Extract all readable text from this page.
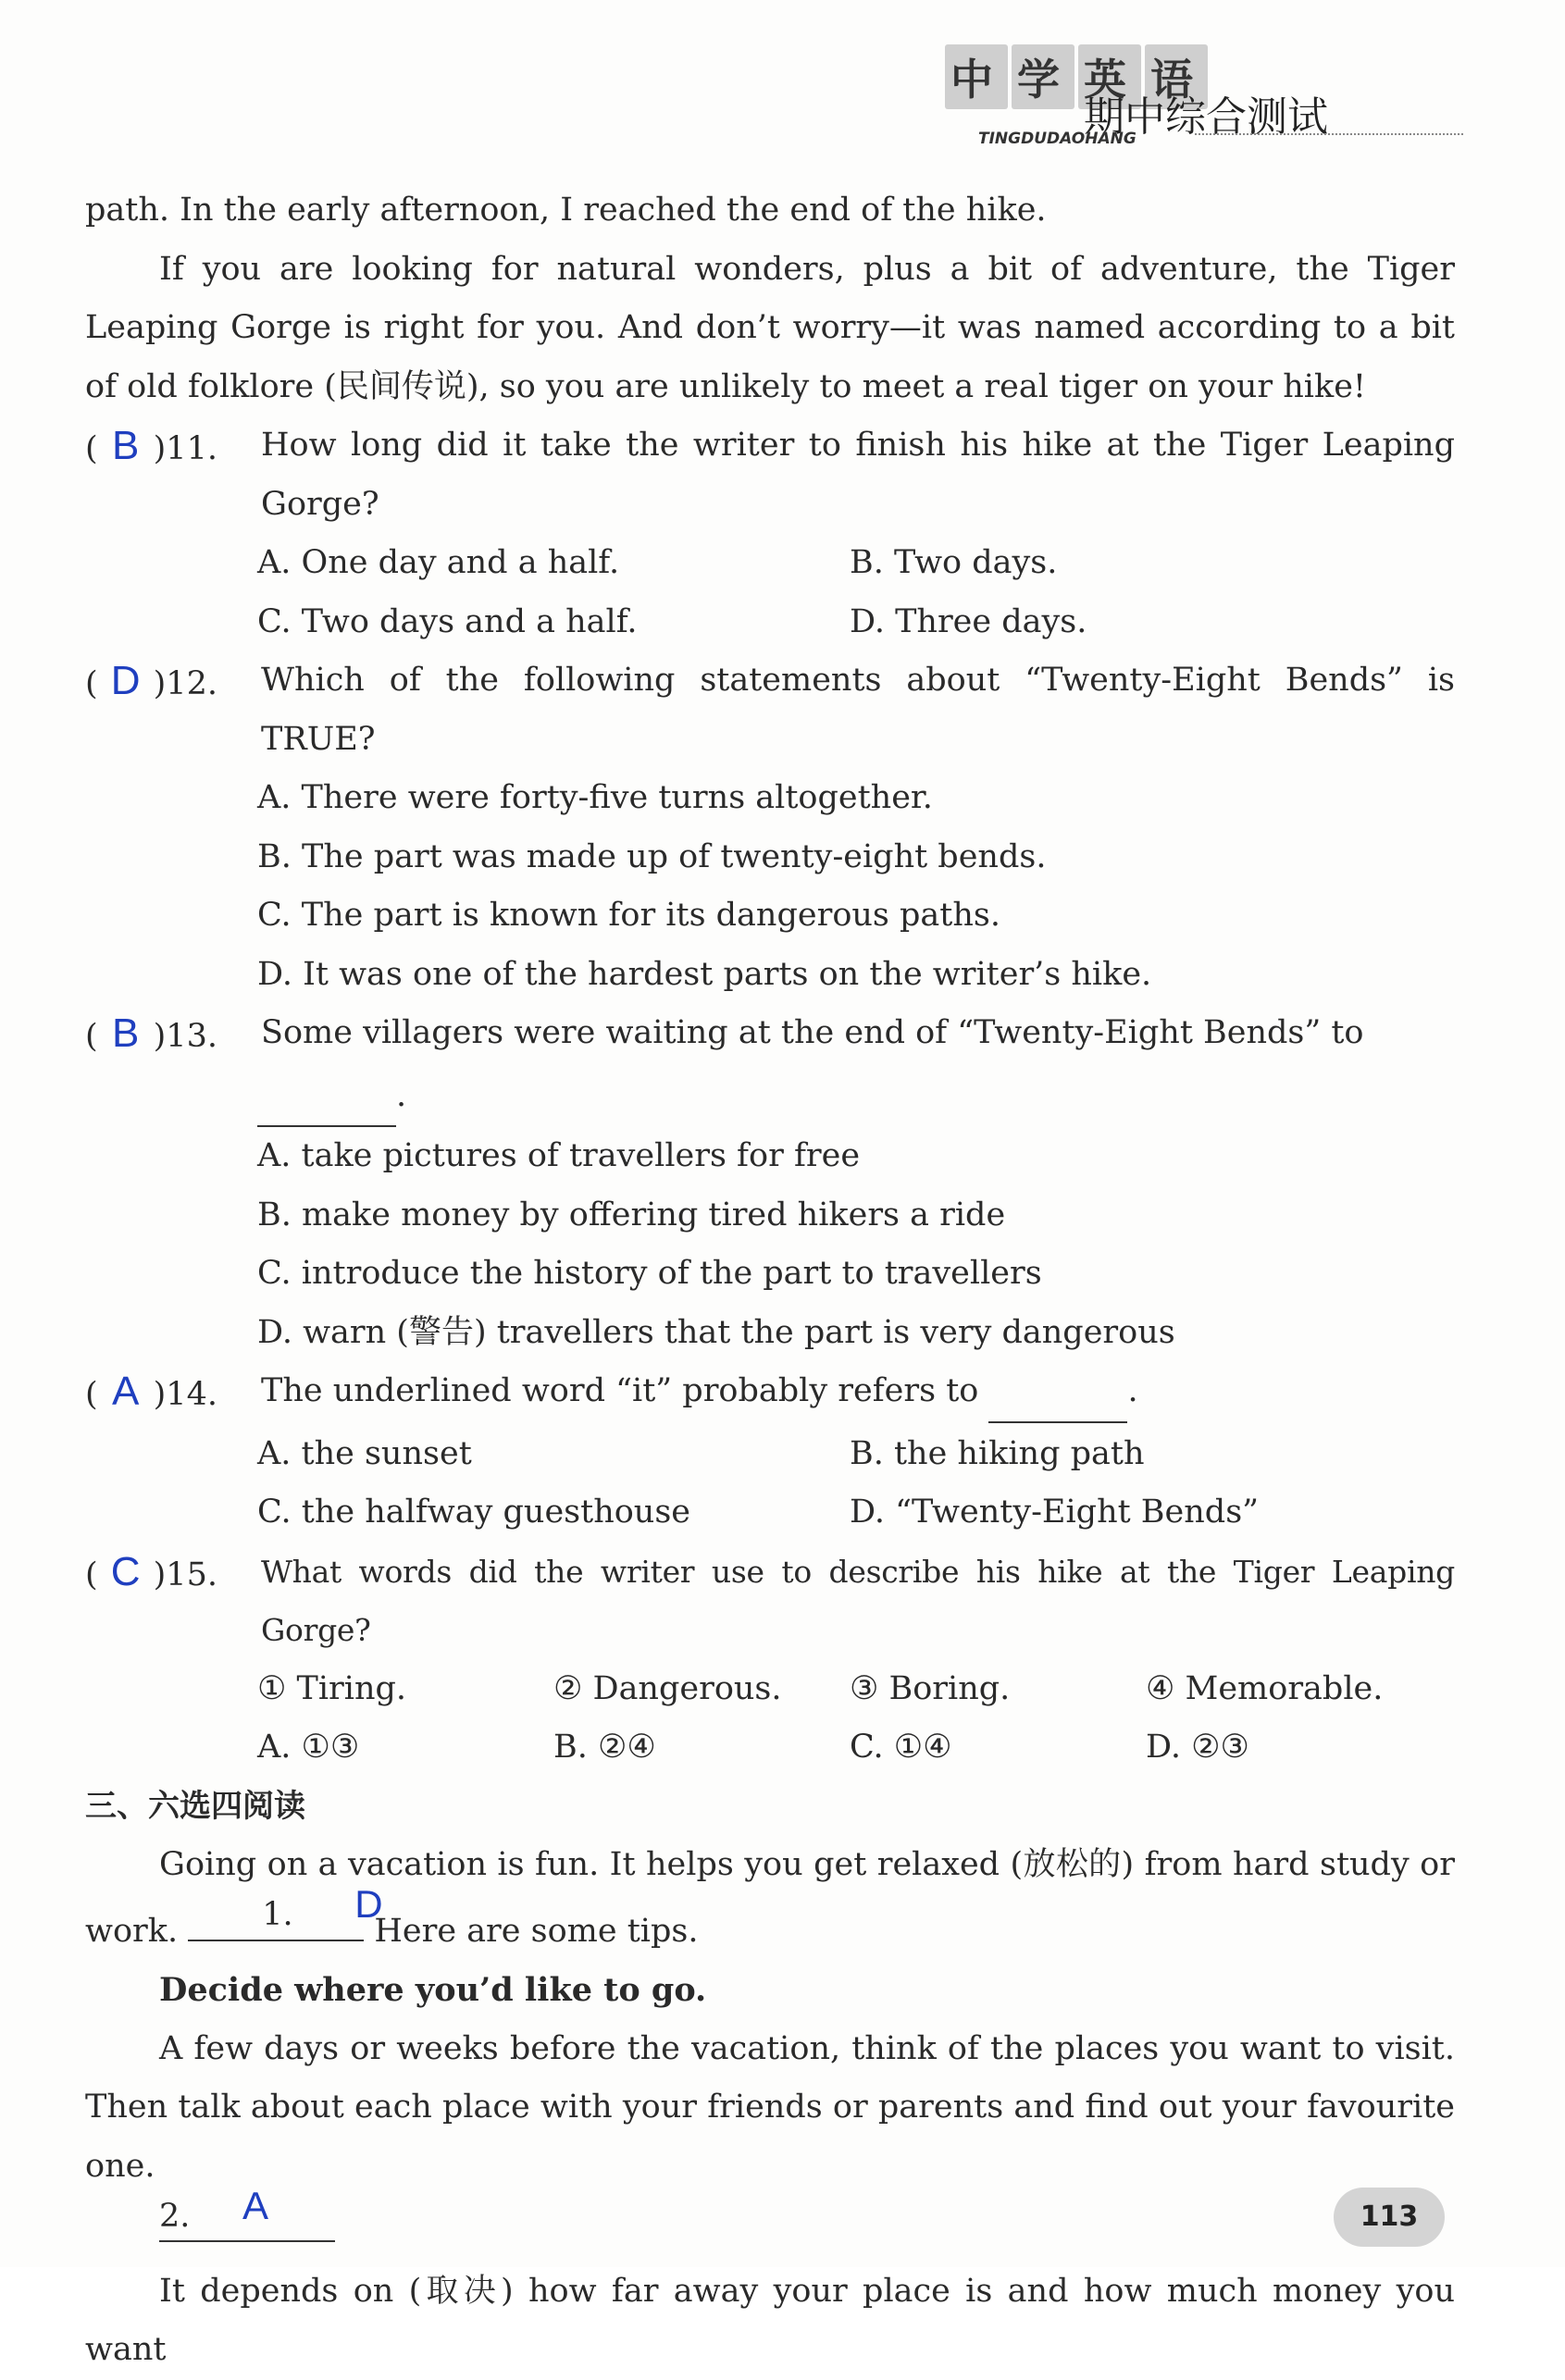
中 学 英 语
期中综合测试
TINGDUDAOHANG

path. In the early afternoon, I reached the end of the hike.

If you are looking for natural wonders, plus a bit of adventure, the Tiger Leaping Gorge is right for you. And don’t worry—it was named according to a bit of old folklore (民间传说), so you are unlikely to meet a real tiger on your hike!

( B )11.	How long did it take the writer to finish his hike at the Tiger Leaping Gorge?
A. One day and a half.	B. Two days.
C. Two days and a half.	D. Three days.
( D )12.	Which of the following statements about “Twenty-Eight Bends” is TRUE?
A. There were forty-five turns altogether.
B. The part was made up of twenty-eight bends.
C. The part is known for its dangerous paths.
D. It was one of the hardest parts on the writer’s hike.
( B )13.	Some villagers were waiting at the end of “Twenty-Eight Bends” to
.
A. take pictures of travellers for free
B. make money by offering tired hikers a ride
C. introduce the history of the part to travellers
D. warn (警告) travellers that the part is very dangerous
( A )14.	The underlined word “it” probably refers to	.
A. the sunset	B. the hiking path
C. the halfway guesthouse	D. “Twenty-Eight Bends”
( C )15.	What words did the writer use to describe his hike at the Tiger Leaping Gorge?
① Tiring.	② Dangerous.	③ Boring.	④ Memorable.
A. ①③	B. ②④	C. ①④	D. ②③

三、六选四阅读

Going on a vacation is fun. It helps you get relaxed (放松的) from hard study or work.	1.	D
Here are some tips.

Decide where you’d like to go.

A few days or weeks before the vacation, think of the places you want to visit. Then talk about each place with your friends or parents and find out your favourite one.

2. A

It depends on (取决) how far away your place is and how much money you want

113
